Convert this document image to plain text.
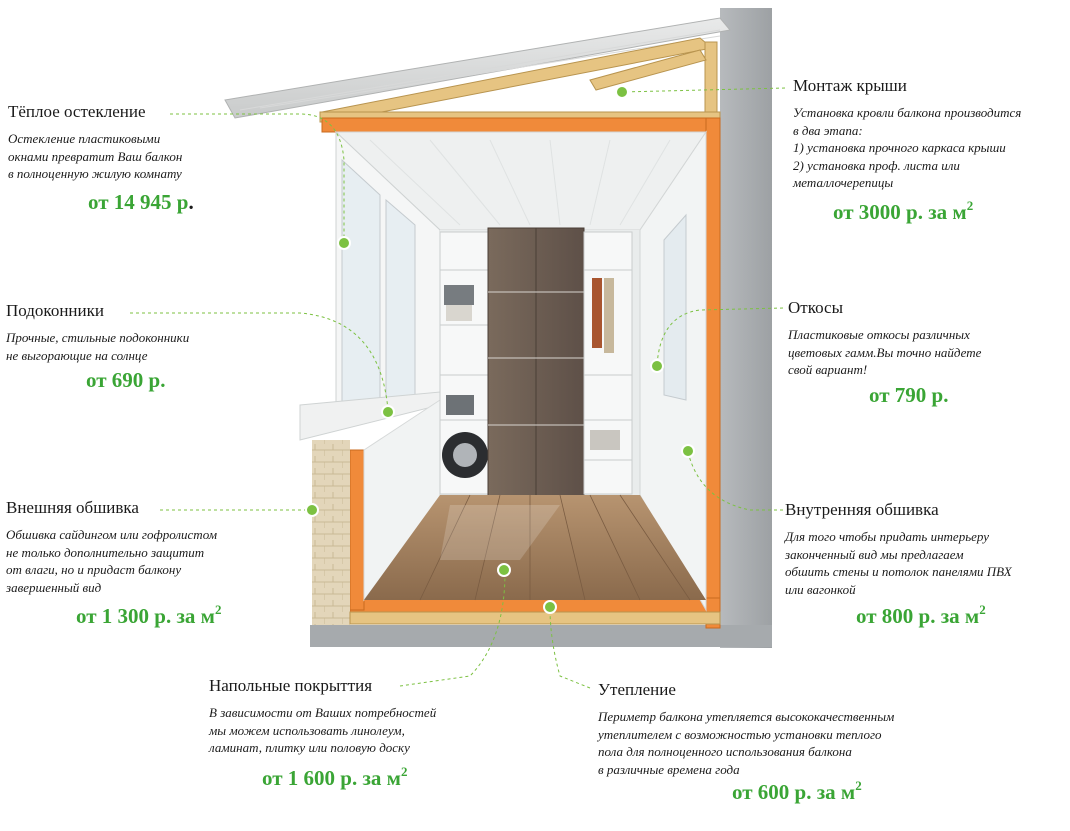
Тёплое остекление
Остекление пластиковыми
окнами превратит Ваш балкон
в полноценную жилую комнату
от 14 945 р.
Подоконники
Прочные, стильные подоконники
не выгорающие на солнце
от 690 р.
Внешняя обшивка
Обшивка сайдингом или гофролистом
не только дополнительно защитит
от влаги, но и придаст балкону
завершенный вид
от 1 300 р. за $м^2$
Напольные покрыттия
В зависимости от Ваших потребностей
мы можем использовать линолеум,
ламинат, плитку или половую доску
от 1 600 р. за $м^2$
Утепление
Периметр балкона утепляется высококачественным
утеплителем с возможностью установки теплого
пола для полноценного использования балкона
в различные времена года
от 600 р. за $м^2$
Монтаж крыши
Установка кровли балкона производится
в два этапа:
1) установка прочного каркаса крыши
2) установка проф. листа или
металлочерепицы
от 3000 р. за $м^2$
Откосы
Пластиковые откосы различных
цветовых гамм.Вы точно найдете
свой вариант!
от 790 р.
Внутренняя обшивка
Для того чтобы придать интерьеру
законченный вид мы предлагаем
обшить стены и потолок панелями ПВХ
или вагонкой
от 800 р. за $м^2$
